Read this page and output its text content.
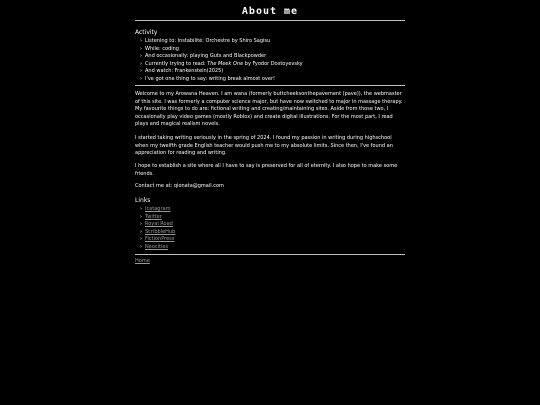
About me
Activity
› Listening to: Instabilité: Orchestre by Shiro Sagisu
› While: coding
› And occasionally: playing Guts and Blackpowder
› Currently trying to read: The Meek One by Fyodor Dostoyevsky
› And watch: Frankenstein(2025)
› I've got one thing to say: writing break almost over!
Welcome to my Arowana Heaven. I am wana (formerly buttcheeksonthepavement (pave)), the webmaster of this site. I was formerly a computer science major, but have now switched to major in massage therapy. My favourite things to do are: fictional writing and creating/maintaining sites. Aside from those two, I occasionally play video games (mostly Roblox) and create digital illustrations. For the most part, I read plays and magical realism novels.
I started taking writing seriously in the spring of 2024. I found my passion in writing during highschool when my twelfth grade English teacher would push me to my absolute limits. Since then, I've found an appreciation for reading and writing.
I hope to establish a site where all I have to say is preserved for all of eternity. I also hope to make some friends.
Contact me at: qionata@gmail.com
Links
› Instagram
› Twitter
› Royal Road
› ScribbleHub
› FictionPress
› Neocities
Home
